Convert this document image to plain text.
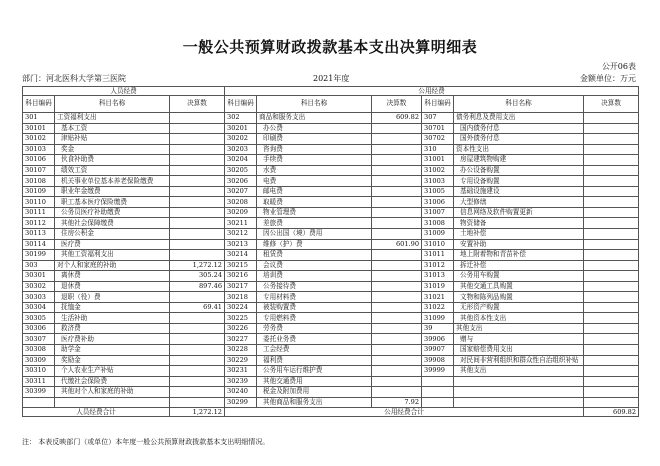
一般公共预算财政拨款基本支出决算明细表
公开06表
部门：河北医科大学第三医院	2021年度	金额单位：万元
人员经费			公用经费					
科目编码	科目名称	决算数	科目编码	科目名称	决算数	科目编码	科目名称	决算数
301	工资福利支出		302	商品和服务支出	609.82	307	债务利息及费用支出	
30101	基本工资		30201	办公费		30701	国内债务付息	
30102	津贴补贴		30202	印刷费		30702	国外债务付息	
30103	奖金		30203	咨询费		310	资本性支出	
30106	伙食补助费		30204	手续费		31001	房屋建筑物购建	
30107	绩效工资		30205	水费		31002	办公设备购置	
30108	机关事业单位基本养老保险缴费		30206	电费		31003	专用设备购置	
30109	职业年金缴费		30207	邮电费		31005	基础设施建设	
30110	职工基本医疗保险缴费		30208	取暖费		31006	大型修缮	
30111	公务员医疗补助缴费		30209	物业管理费		31007	信息网络及软件购置更新	
30112	其他社会保障缴费		30211	差旅费		31008	物资储备	
30113	住房公积金		30212	因公出国（境）费用		31009	土地补偿	
30114	医疗费		30213	维修（护）费	601.90	31010	安置补助	
30199	其他工资福利支出		30214	租赁费		31011	地上附着物和青苗补偿	
303	对个人和家庭的补助	1,272.12	30215	会议费		31012	拆迁补偿	
30301	离休费	305.24	30216	培训费		31013	公务用车购置	
30302	退休费	897.46	30217	公务接待费		31019	其他交通工具购置	
30303	退职（役）费		30218	专用材料费		31021	文物和陈列品购置	
30304	抚恤金	69.41	30224	被装购置费		31022	无形资产购置	
30305	生活补助		30225	专用燃料费		31099	其他资本性支出	
30306	救济费		30226	劳务费		39	其他支出	
30307	医疗费补助		30227	委托业务费		39906	赠与	
30308	助学金		30228	工会经费		39907	国家赔偿费用支出	
30309	奖励金		30229	福利费		39908	对民间非营利组织和群众性自治组织补贴	
30310	个人农业生产补贴		30231	公务用车运行维护费		39999	其他支出	
30311	代缴社会保险费		30239	其他交通费用				
30399	其他对个人和家庭的补助		30240	税金及附加费用				
			30299	其他商品和服务支出	7.92			
人员经费合计		1,272.12	公用经费合计					609.82
注： 本表反映部门（或单位）本年度一般公共预算财政拨款基本支出明细情况。
